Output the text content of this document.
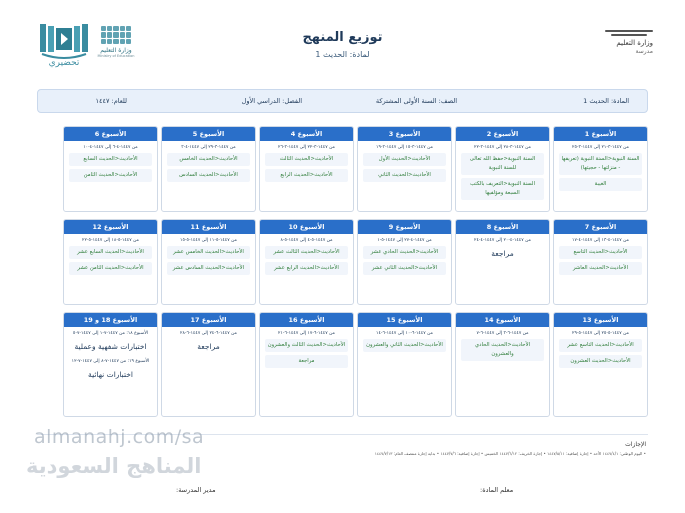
تحضيري
وزارة التعليم
Ministry of Education
توزيع المنهج
لمادة: الحديث 1
وزارة التعليم
مدرسة
المادة: الحديث 1
الصف: السنة الأولى المشتركة
الفصل: الدراسي الأول
للعام: ١٤٤٧
الأسبوع 1
من ١٤٤٧-٣-٢١ إلى ١٤٤٧-٣-٢٥
السنة النبوية<السنة النبوية (تعريفها - منزلتها - حجيتها)
الغيبة
الأسبوع 2
من ١٤٤٧-٣-٢٨ إلى ١٤٤٧-٣-٢٢
السنة النبوية<حفظ الله تعالى للسنة النبوية
السنة النبوية<التعريف بالكتب السبعة ومؤلفيها
الأسبوع 3
من ١٤٤٧-٣-١٥ إلى ١٤٤٧-٣-١٩
الأحاديث<الحديث الأول
الأحاديث<الحديث الثاني
الأسبوع 4
من ١٤٤٧-٣-٢٢ إلى ١٤٤٧-٣-٢٦
الأحاديث<الحديث الثالث
الأحاديث<الحديث الرابع
الأسبوع 5
من ١٤٤٧-٣-٢٩ إلى ١٤٤٧-٤-٣
الأحاديث<الحديث الخامس
الأحاديث<الحديث السادس
الأسبوع 6
من ١٤٤٧-٤-٦ إلى ١٤٤٧-٤-١٠
الأحاديث<الحديث السابع
الأحاديث<الحديث الثامن
الأسبوع 7
من ١٤٤٧-٤-١٣ إلى ١٤٤٧-٤-١٧
الأحاديث<الحديث التاسع
الأحاديث<الحديث العاشر
الأسبوع 8
من ١٤٤٧-٤-٢٠ إلى ١٤٤٧-٤-٢٤
مراجعة
الأسبوع 9
من ١٤٤٧-٤-٢٧ إلى ١٤٤٧-٥-١
الأحاديث<الحديث الحادي عشر
الأحاديث<الحديث الثاني عشر
الأسبوع 10
من ١٤٤٧-٥-٤ إلى ١٤٤٧-٥-٨
الأحاديث<الحديث الثالث عشر
الأحاديث<الحديث الرابع عشر
الأسبوع 11
من ١٤٤٧-٥-١١ إلى ١٤٤٧-٥-١٥
الأحاديث<الحديث الخامس عشر
الأحاديث<الحديث السادس عشر
الأسبوع 12
من ١٤٤٧-٥-١٨ إلى ١٤٤٧-٥-٢٢
الأحاديث<الحديث السابع عشر
الأحاديث<الحديث الثامن عشر
الأسبوع 13
من ١٤٤٧-٥-٢٥ إلى ١٤٤٧-٥-٢٩
الأحاديث<الحديث التاسع عشر
الأحاديث<الحديث العشرون
الأسبوع 14
من ١٤٤٧-٦-٣ إلى ١٤٤٧-٦-٧
الأحاديث<الحديث الحادي والعشرون
الأسبوع 15
من ١٤٤٧-٦-١٠ إلى ١٤٤٧-٦-١٤
الأحاديث<الحديث الثاني والعشرون
الأسبوع 16
من ١٤٤٧-٦-١٧ إلى ١٤٤٧-٦-٢١
الأحاديث<الحديث الثالث والعشرون
مراجعة
الأسبوع 17
من ١٤٤٧-٦-٢٤ إلى ١٤٤٧-٦-٢٨
مراجعة
الأسبوع 18 و 19
الأسبوع ١٨: من ١٤٤٧-٧-١ إلى ١٤٤٧-٧-٥
اختبارات شفهية وعملية
الأسبوع ١٩: من ١٤٤٧-٧-٨ إلى ١٤٤٧-٧-١٢
اختبارات نهائية
الإجازات
• اليوم الوطني: ١٤٤٧/٤/١ الأحد • إجازة إضافية: ١٤٤٧/٥/١١ • إجازة الخريف: ١٤٤٧/٦/١٢ الخميس • إجازة إضافية: ١٤٤٧/٧/٦ • بداية إجازة منتصف العام: ١٤٤٧/٧/١٣
معلم المادة:
مدير المدرسة:
almanahj.com/sa
المناهج السعودية
